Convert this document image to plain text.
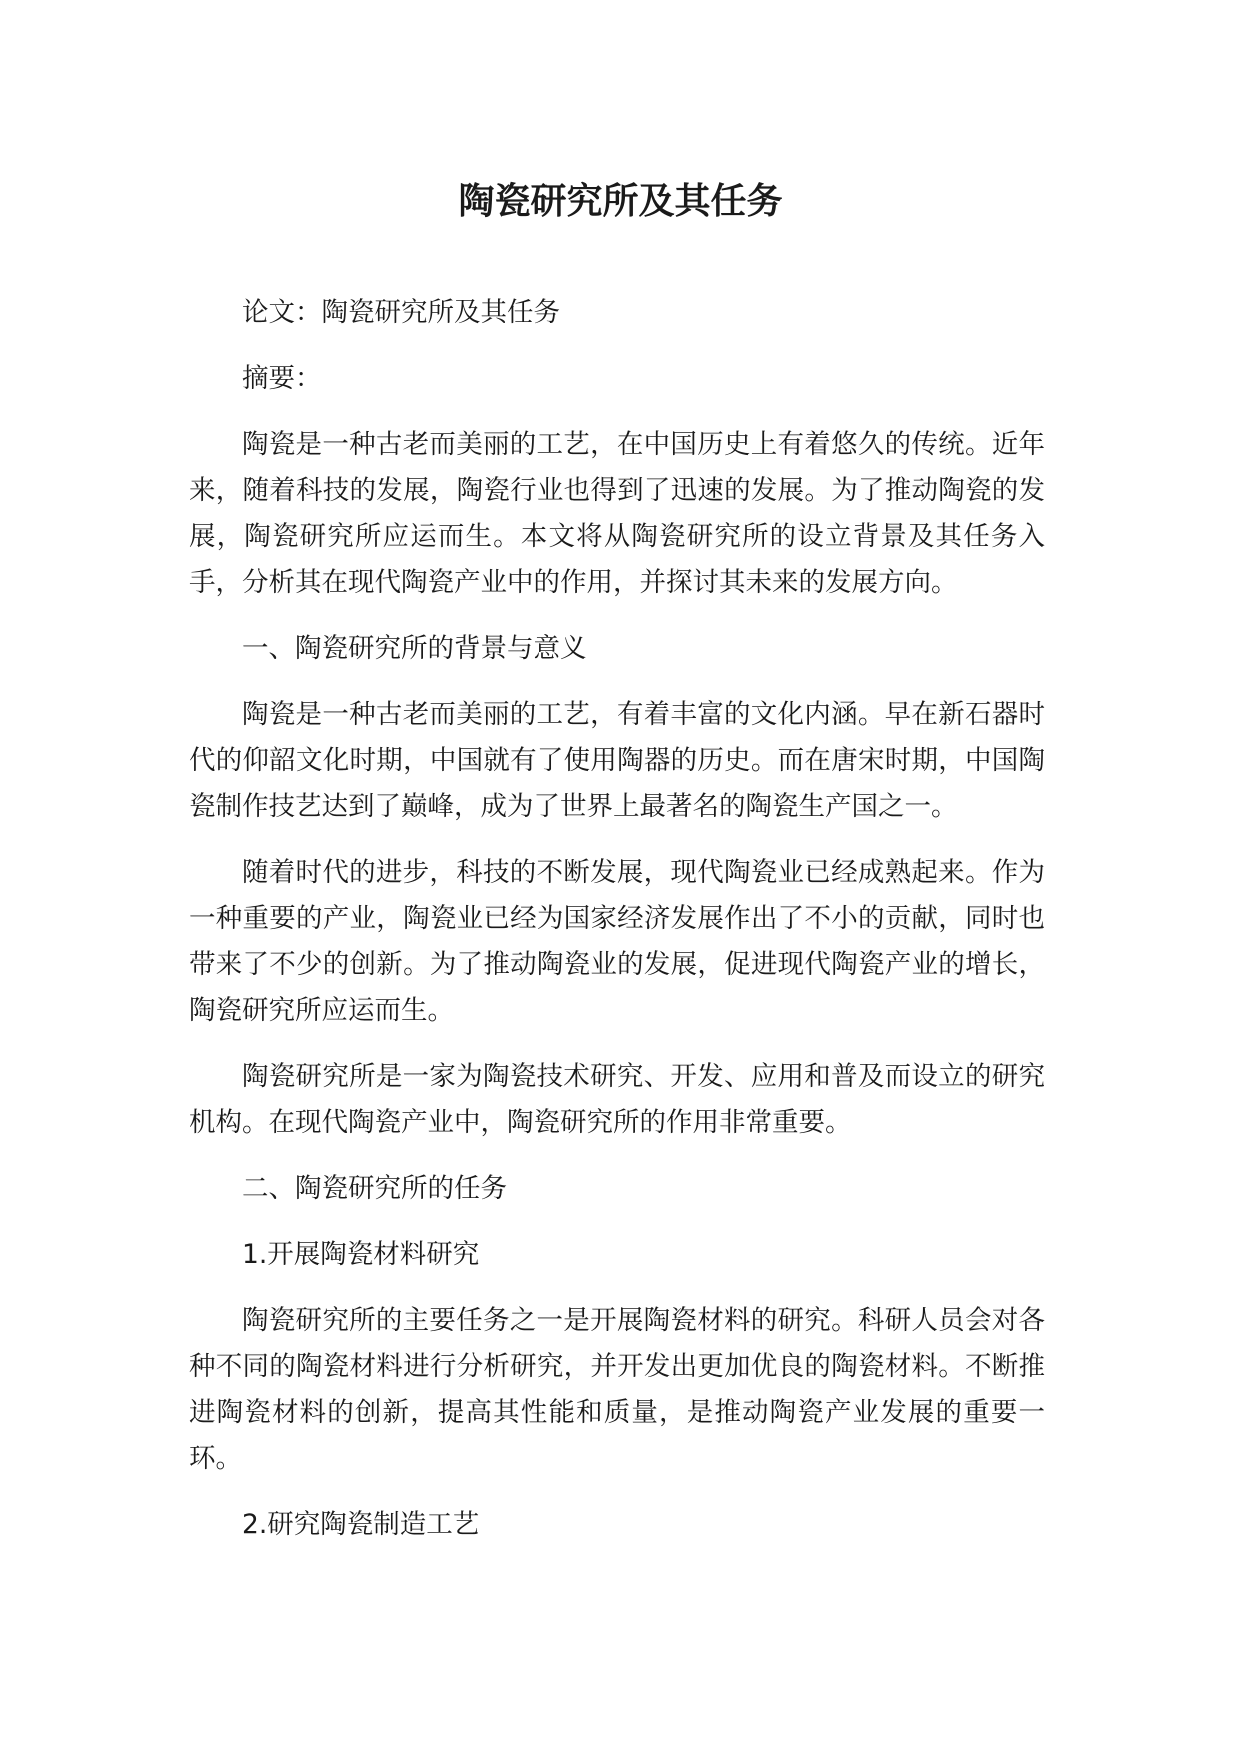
陶瓷研究所及其任务

论文：陶瓷研究所及其任务

摘要：

陶瓷是一种古老而美丽的工艺，在中国历史上有着悠久的传统。近年来，随着科技的发展，陶瓷行业也得到了迅速的发展。为了推动陶瓷的发展，陶瓷研究所应运而生。本文将从陶瓷研究所的设立背景及其任务入手，分析其在现代陶瓷产业中的作用，并探讨其未来的发展方向。

一、陶瓷研究所的背景与意义

陶瓷是一种古老而美丽的工艺，有着丰富的文化内涵。早在新石器时代的仰韶文化时期，中国就有了使用陶器的历史。而在唐宋时期，中国陶瓷制作技艺达到了巅峰，成为了世界上最著名的陶瓷生产国之一。

随着时代的进步，科技的不断发展，现代陶瓷业已经成熟起来。作为一种重要的产业，陶瓷业已经为国家经济发展作出了不小的贡献，同时也带来了不少的创新。为了推动陶瓷业的发展，促进现代陶瓷产业的增长，陶瓷研究所应运而生。

陶瓷研究所是一家为陶瓷技术研究、开发、应用和普及而设立的研究机构。在现代陶瓷产业中，陶瓷研究所的作用非常重要。

二、陶瓷研究所的任务

1.开展陶瓷材料研究

陶瓷研究所的主要任务之一是开展陶瓷材料的研究。科研人员会对各种不同的陶瓷材料进行分析研究，并开发出更加优良的陶瓷材料。不断推进陶瓷材料的创新，提高其性能和质量，是推动陶瓷产业发展的重要一环。

2.研究陶瓷制造工艺
